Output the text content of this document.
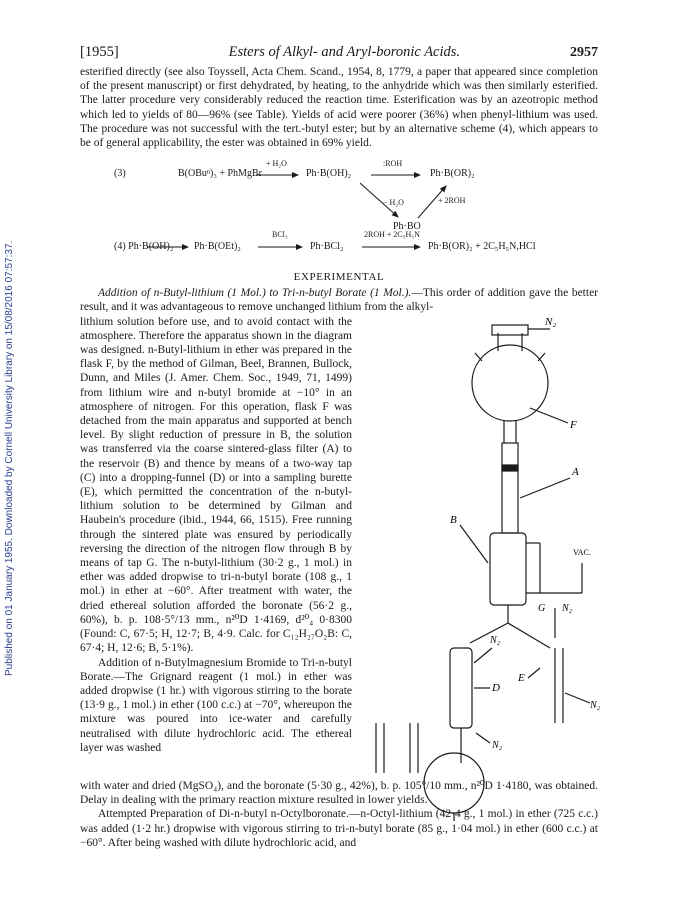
Published on 01 January 1955. Downloaded by Cornell University Library on 15/08/2016 07:57:37.
[1955]	Esters of Alkyl- and Aryl-boronic Acids.	2957

esterified directly (see also Toyssell, Acta Chem. Scand., 1954, 8, 1779, a paper that appeared since completion of the present manuscript) or first dehydrated, by heating, to the anhydride which was then similarly esterified. The latter procedure very considerably reduced the reaction time. Esterification was by an azeotropic method which led to yields of 80—96% (see Table). Yields of acid were poorer (36%) when phenyl-lithium was used. The procedure was not successful with the tert.-butyl ester; but by an alternative scheme (4), which appears to be of general applicability, the ester was obtained in 69% yield.

(3)	B(OBuⁿ)₃ + PhMgBr
+ H₂O
Ph·B(OH)₂
:ROH
Ph·B(OR)₂
− H₂O	+ 2ROH
Ph·BO
(4) Ph·B(OH)₂ Ph·B(OEt)₂
BCl₃
Ph·BCl₂
2ROH + 2C₅H₅N
Ph·B(OR)₂ + 2C₅H₅N,HCl
EXPERIMENTAL

Addition of n-Butyl-lithium (1 Mol.) to Tri-n-butyl Borate (1 Mol.).—This order of addition gave the better result, and it was advantageous to remove unchanged lithium from the alkyl-

lithium solution before use, and to avoid contact with the atmosphere. Therefore the apparatus shown in the diagram was designed. n-Butyl-lithium in ether was prepared in the flask F, by the method of Gilman, Beel, Brannen, Bullock, Dunn, and Miles (J. Amer. Chem. Soc., 1949, 71, 1499) from lithium wire and n-butyl bromide at −10° in an atmosphere of nitrogen. For this operation, flask F was detached from the main apparatus and supported at bench level. By slight reduction of pressure in B, the solution was transferred via the coarse sintered-glass filter (A) to the reservoir (B) and thence by means of a two-way tap (C) into a dropping-funnel (D) or into a sampling burette (E), which permitted the concentration of the n-butyl-lithium solution to be determined by Gilman and Haubein's procedure (ibid., 1944, 66, 1515). Free running through the sintered plate was ensured by periodically reversing the direction of the nitrogen flow through B by means of tap G. The n-butyl-lithium (30·2 g., 1 mol.) in ether was added dropwise to tri-n-butyl borate (108 g., 1 mol.) in ether at −60°. After treatment with water, the dried ethereal solution afforded the boronate (56·2 g., 60%), b. p. 108·5°/13 mm., n²⁰D 1·4169, d²⁰₄ 0·8300 (Found: C, 67·5; H, 12·7; B, 4·9. Calc. for C₁₂H₂₇O₂B: C, 67·4; H, 12·6; B, 5·1%).

Addition of n-Butylmagnesium Bromide to Tri-n-butyl Borate.—The Grignard reagent (1 mol.) in ether was added dropwise (1 hr.) with vigorous stirring to the borate (13·9 g., 1 mol.) in ether (100 c.c.) at −70°, whereupon the mixture was poured into ice-water and carefully neutralised with dilute hydrochloric acid. The ethereal layer was washed

N₂
F
A
B
VAC.
G N₂
N₂
D
E
N₂
N₂

with water and dried (MgSO₄), and the boronate (5·30 g., 42%), b. p. 105°/10 mm., n²⁰D 1·4180, was obtained. Delay in dealing with the primary reaction mixture resulted in lower yields.

Attempted Preparation of Di-n-butyl n-Octylboronate.—n-Octyl-lithium (42·4 g., 1 mol.) in ether (725 c.c.) was added (1·2 hr.) dropwise with vigorous stirring to tri-n-butyl borate (85 g., 1·04 mol.) in ether (600 c.c.) at −60°. After being washed with dilute hydrochloric acid, and
